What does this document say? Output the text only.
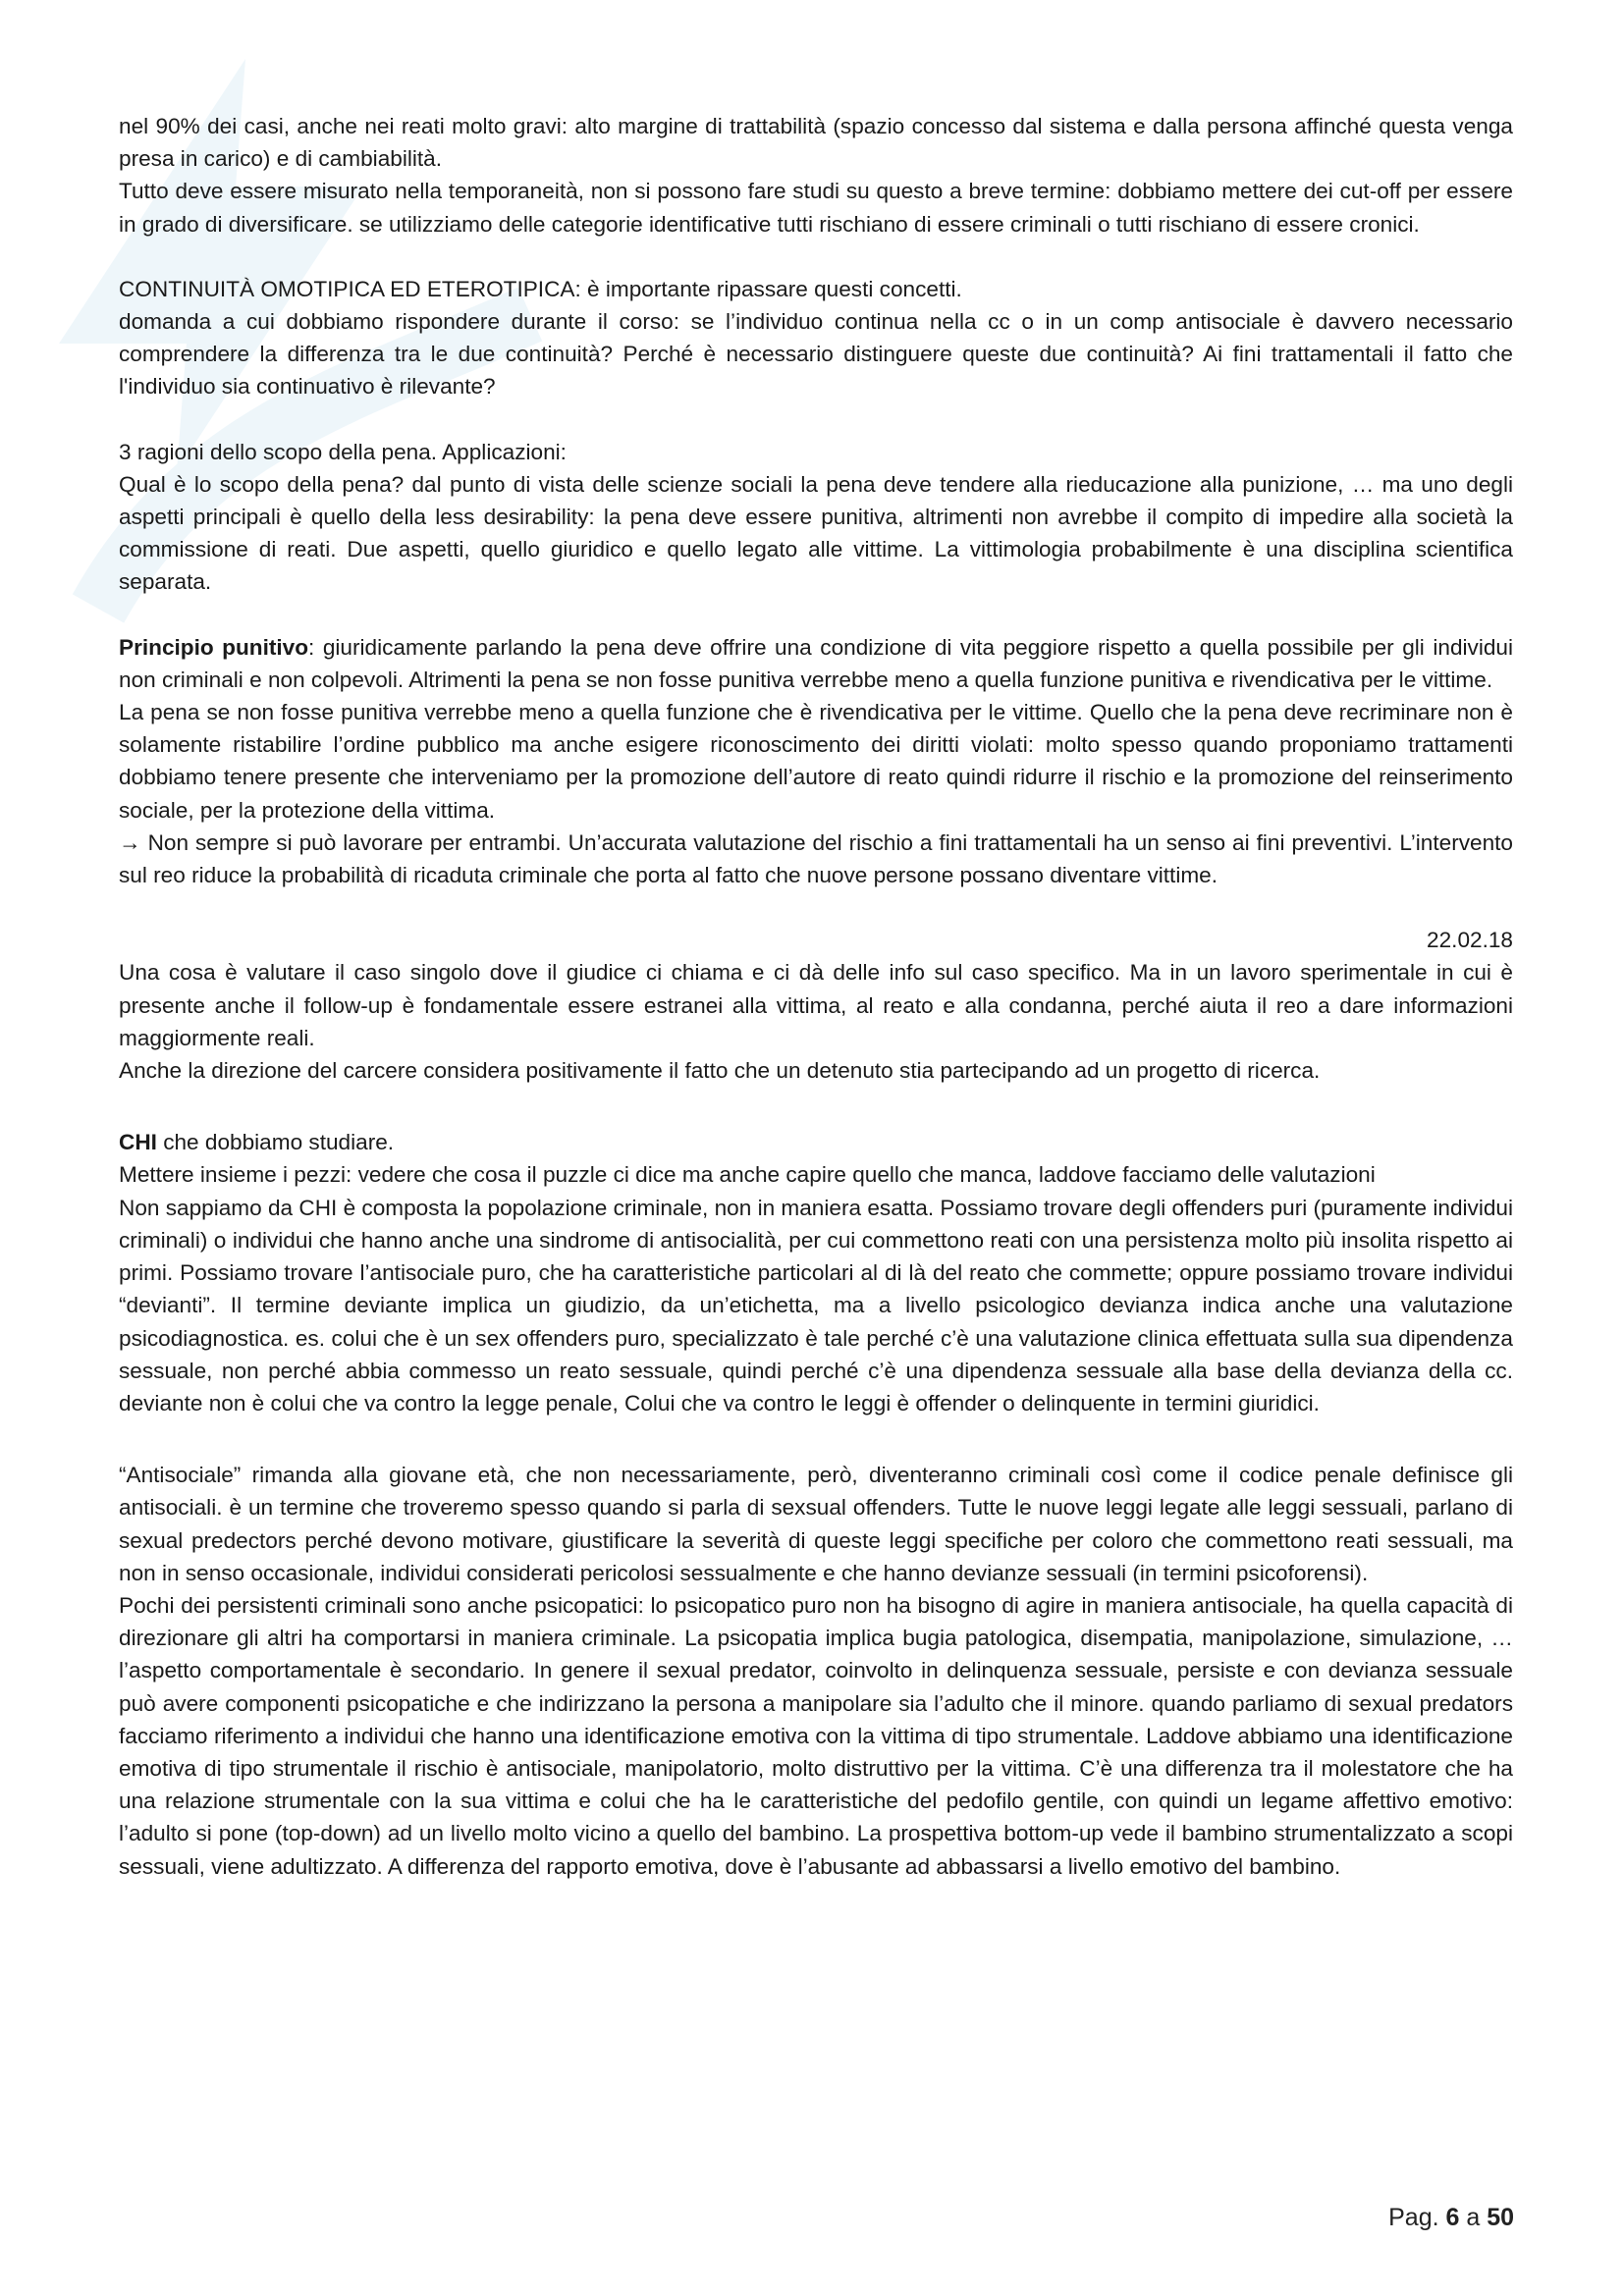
nel 90% dei casi, anche nei reati molto gravi: alto margine di trattabilità (spazio concesso dal sistema e dalla persona affinché questa venga presa in carico) e di cambiabilità.

Tutto deve essere misurato nella temporaneità, non si possono fare studi su questo a breve termine: dobbiamo mettere dei cut-off per essere in grado di diversificare. se utilizziamo delle categorie identificative tutti rischiano di essere criminali o tutti rischiano di essere cronici.

CONTINUITÀ OMOTIPICA ED ETEROTIPICA: è importante ripassare questi concetti.

domanda a cui dobbiamo rispondere durante il corso: se l’individuo continua nella cc o in un comp antisociale è davvero necessario comprendere la differenza tra le due continuità? Perché è necessario distinguere queste due continuità? Ai fini trattamentali il fatto che l'individuo sia continuativo è rilevante?

3 ragioni dello scopo della pena. Applicazioni:

Qual è lo scopo della pena? dal punto di vista delle scienze sociali la pena deve tendere alla rieducazione alla punizione, … ma uno degli aspetti principali è quello della less desirability: la pena deve essere punitiva, altrimenti non avrebbe il compito di impedire alla società la commissione di reati. Due aspetti, quello giuridico e quello legato alle vittime. La vittimologia probabilmente è una disciplina scientifica separata.

Principio punitivo: giuridicamente parlando la pena deve offrire una condizione di vita peggiore rispetto a quella possibile per gli individui non criminali e non colpevoli. Altrimenti la pena se non fosse punitiva verrebbe meno a quella funzione punitiva e rivendicativa per le vittime.

La pena se non fosse punitiva verrebbe meno a quella funzione che è rivendicativa per le vittime. Quello che la pena deve recriminare non è solamente ristabilire l’ordine pubblico ma anche esigere riconoscimento dei diritti violati: molto spesso quando proponiamo trattamenti dobbiamo tenere presente che interveniamo per la promozione dell’autore di reato quindi ridurre il rischio e la promozione del reinserimento sociale, per la protezione della vittima.

→ Non sempre si può lavorare per entrambi. Un’accurata valutazione del rischio a fini trattamentali ha un senso ai fini preventivi. L’intervento sul reo riduce la probabilità di ricaduta criminale che porta al fatto che nuove persone possano diventare vittime.

22.02.18

Una cosa è valutare il caso singolo dove il giudice ci chiama e ci dà delle info sul caso specifico. Ma in un lavoro sperimentale in cui è presente anche il follow-up è fondamentale essere estranei alla vittima, al reato e alla condanna, perché aiuta il reo a dare informazioni maggiormente reali.

Anche la direzione del carcere considera positivamente il fatto che un detenuto stia partecipando ad un progetto di ricerca.

CHI che dobbiamo studiare.

Mettere insieme i pezzi: vedere che cosa il puzzle ci dice ma anche capire quello che manca, laddove facciamo delle valutazioni

Non sappiamo da CHI è composta la popolazione criminale, non in maniera esatta. Possiamo trovare degli offenders puri (puramente individui criminali) o individui che hanno anche una sindrome di antisocialità, per cui commettono reati con una persistenza molto più insolita rispetto ai primi. Possiamo trovare l’antisociale puro, che ha caratteristiche particolari al di là del reato che commette; oppure possiamo trovare individui “devianti”. Il termine deviante implica un giudizio, da un’etichetta, ma a livello psicologico devianza indica anche una valutazione psicodiagnostica. es. colui che è un sex offenders puro, specializzato è tale perché c’è una valutazione clinica effettuata sulla sua dipendenza sessuale, non perché abbia commesso un reato sessuale, quindi perché c’è una dipendenza sessuale alla base della devianza della cc. deviante non è colui che va contro la legge penale, Colui che va contro le leggi è offender o delinquente in termini giuridici.

“Antisociale” rimanda alla giovane età, che non necessariamente, però, diventeranno criminali così come il codice penale definisce gli antisociali. è un termine che troveremo spesso quando si parla di sexsual offenders. Tutte le nuove leggi legate alle leggi sessuali, parlano di sexual predectors perché devono motivare, giustificare la severità di queste leggi specifiche per coloro che commettono reati sessuali, ma non in senso occasionale, individui considerati pericolosi sessualmente e che hanno devianze sessuali (in termini psicoforensi).

Pochi dei persistenti criminali sono anche psicopatici: lo psicopatico puro non ha bisogno di agire in maniera antisociale, ha quella capacità di direzionare gli altri ha comportarsi in maniera criminale. La psicopatia implica bugia patologica, disempatia, manipolazione, simulazione, … l’aspetto comportamentale è secondario. In genere il sexual predator, coinvolto in delinquenza sessuale, persiste e con devianza sessuale può avere componenti psicopatiche e che indirizzano la persona a manipolare sia l’adulto che il minore. quando parliamo di sexual predators facciamo riferimento a individui che hanno una identificazione emotiva con la vittima di tipo strumentale. Laddove abbiamo una identificazione emotiva di tipo strumentale il rischio è antisociale, manipolatorio, molto distruttivo per la vittima. C’è una differenza tra il molestatore che ha una relazione strumentale con la sua vittima e colui che ha le caratteristiche del pedofilo gentile, con quindi un legame affettivo emotivo: l’adulto si pone (top-down) ad un livello molto vicino a quello del bambino. La prospettiva bottom-up vede il bambino strumentalizzato a scopi sessuali, viene adultizzato. A differenza del rapporto emotiva, dove è l’abusante ad abbassarsi a livello emotivo del bambino.

Pag. 6 a 50
